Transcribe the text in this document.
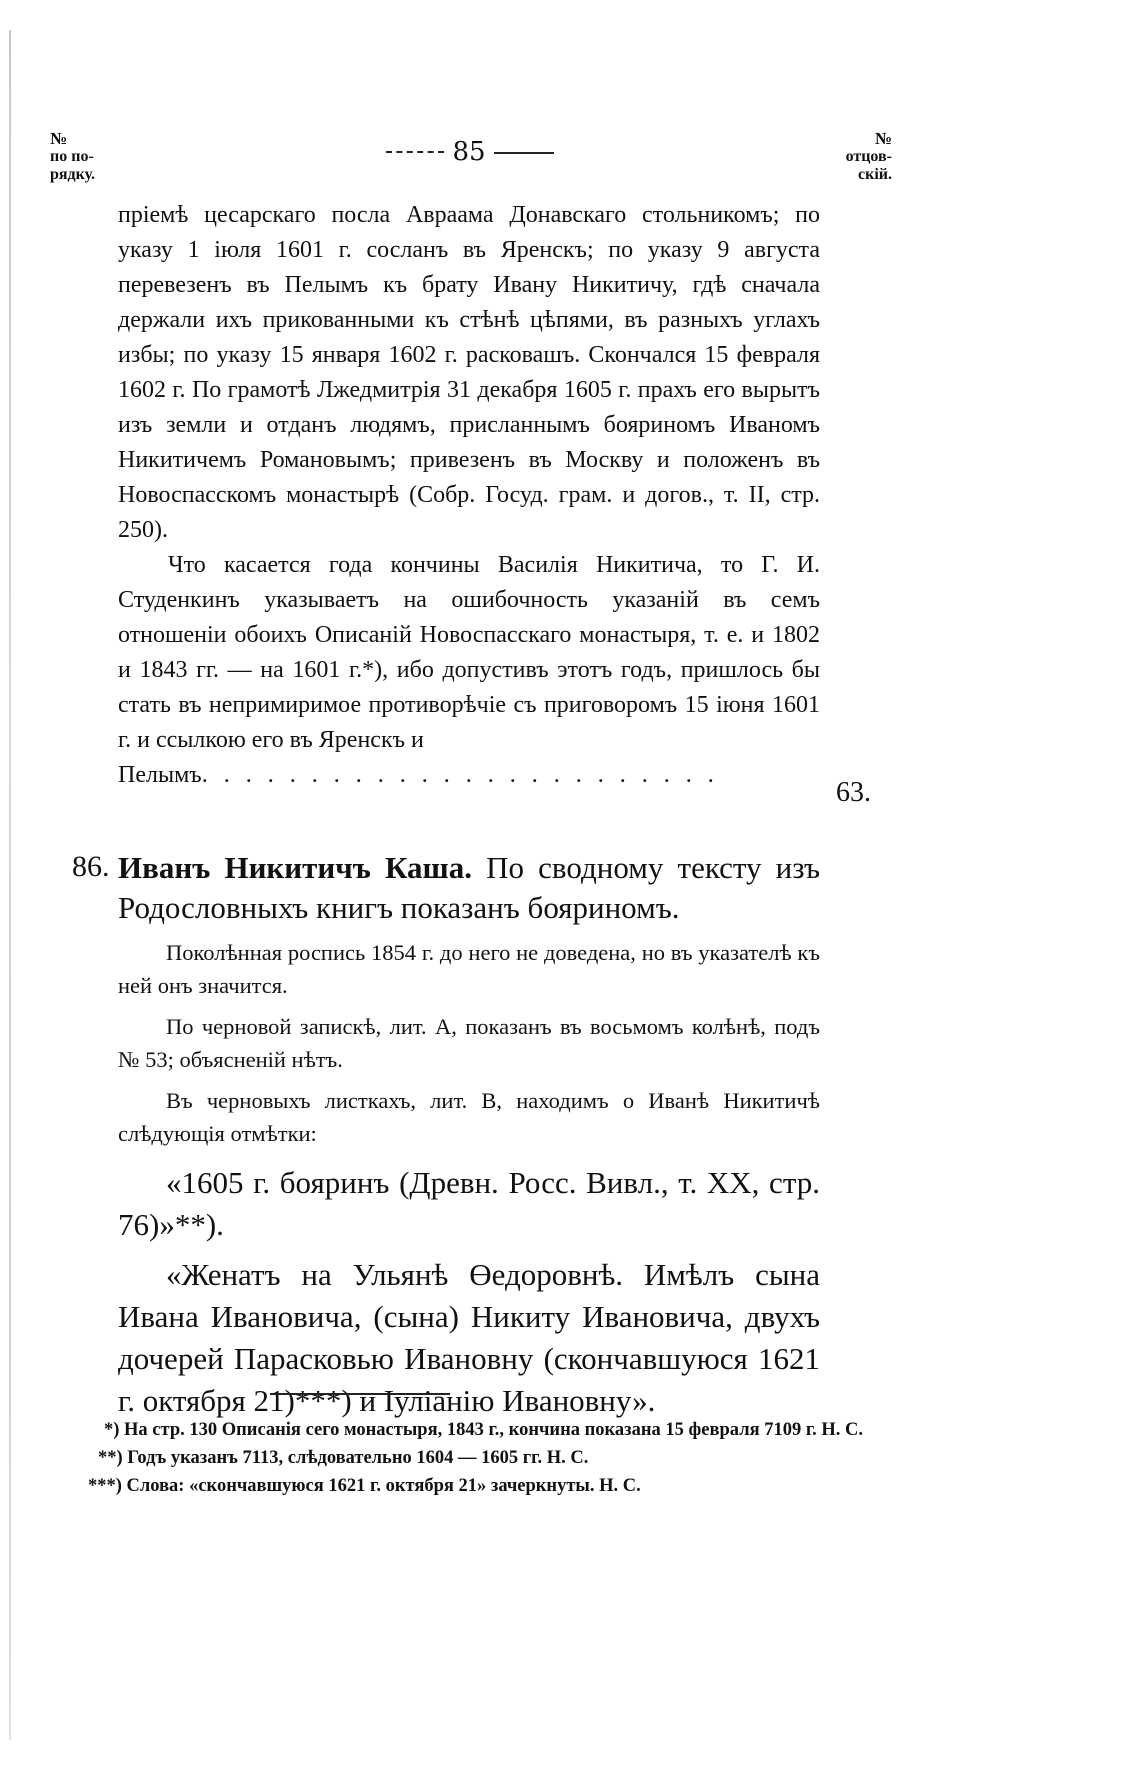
№
по по-
рядку.
85	№
отцов-
скій.

пріемѣ цесарскаго посла Авраама Донавскаго стольникомъ; по указу 1 іюля 1601 г. сосланъ въ Яренскъ; по указу 9 августа перевезенъ въ Пелымъ къ брату Ивану Никитичу, гдѣ сначала держали ихъ прикованными къ стѣнѣ цѣпями, въ разныхъ углахъ избы; по указу 15 января 1602 г. расковашъ. Скончался 15 февраля 1602 г. По грамотѣ Лжедмитрія 31 декабря 1605 г. прахъ его вырытъ изъ земли и отданъ людямъ, присланнымъ бояриномъ Иваномъ Никитичемъ Романовымъ; привезенъ въ Москву и положенъ въ Новоспасскомъ монастырѣ (Собр. Госуд. грам. и догов., т. II, стр. 250).

Что касается года кончины Василія Никитича, то Г. И. Студенкинъ указываетъ на ошибочность указаній въ семъ отношеніи обоихъ Описаній Новоспасскаго монастыря, т. е. и 1802 и 1843 гг. — на 1601 г.*), ибо допустивъ этотъ годъ, пришлось бы стать въ непримиримое противорѣчіе съ приговоромъ 15 іюня 1601 г. и ссылкою его въ Яренскъ и

Пелымъ. . . . . . . . . . . . . . . . . . . . . . . .

63.
86. Иванъ Никитичъ Каша. По сводному тексту изъ Родословныхъ книгъ показанъ бояриномъ.

Поколѣнная роспись 1854 г. до него не доведена, но въ указателѣ къ ней онъ значится.

По черновой запискѣ, лит. А, показанъ въ восьмомъ колѣнѣ, подъ № 53; объясненій нѣтъ.

Въ черновыхъ листкахъ, лит. В, находимъ о Иванѣ Никитичѣ слѣдующія отмѣтки:

«1605 г. бояринъ (Древн. Росс. Вивл., т. XX, стр. 76)»**).

«Женатъ на Ульянѣ Өедоровнѣ. Имѣлъ сына Ивана Ивановича, (сына) Никиту Ивановича, двухъ дочерей Парасковью Ивановну (скончавшуюся 1621 г. октября 21)***) и Іуліанію Ивановну».

*) На стр. 130 Описанія сего монастыря, 1843 г., кончина показана 15 февраля 7109 г. Н. С.

**) Годъ указанъ 7113, слѣдовательно 1604 — 1605 гг. Н. С.

***) Слова: «скончавшуюся 1621 г. октября 21» зачеркнуты. Н. С.
